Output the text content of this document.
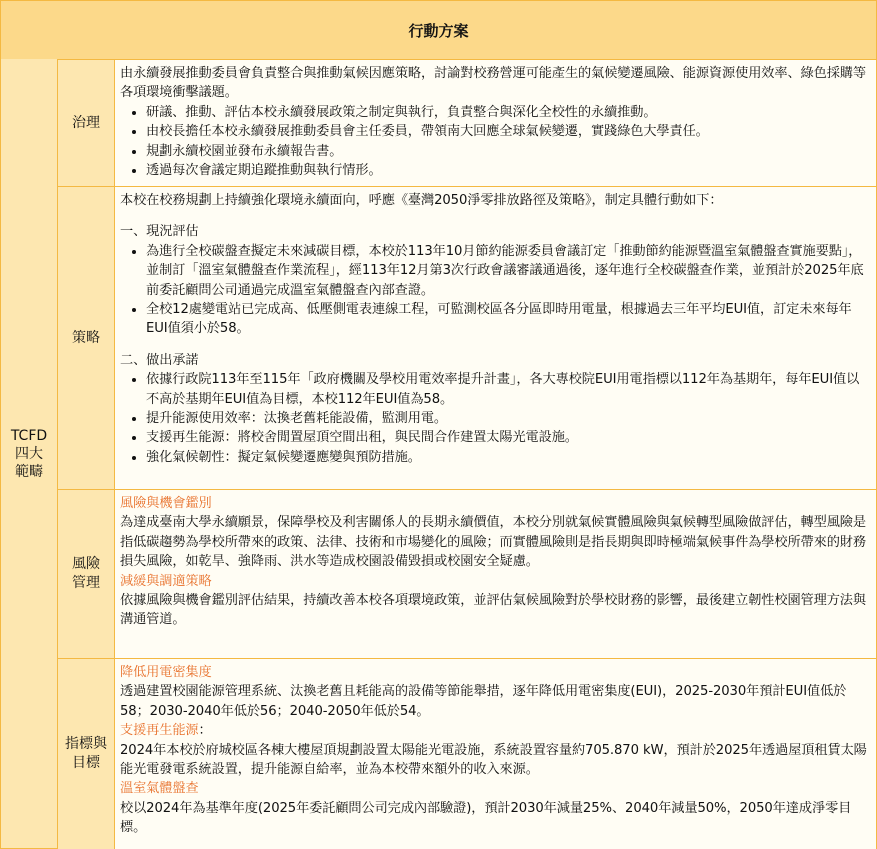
行動方案
TCFD
四大
範疇
治理

由永續發展推動委員會負責整合與推動氣候因應策略，討論對校務營運可能產生的氣候變遷風險、能源資源使用效率、綠色採購等各項環境衝擊議題。

• 研議、推動、評估本校永續發展政策之制定與執行，負責整合與深化全校性的永續推動。
• 由校長擔任本校永續發展推動委員會主任委員，帶領南大回應全球氣候變遷，實踐綠色大學責任。
• 規劃永續校園並發布永續報告書。
• 透過每次會議定期追蹤推動與執行情形。
策略

本校在校務規劃上持續強化環境永續面向，呼應《臺灣2050淨零排放路徑及策略》，制定具體行動如下：

一、現況評估

• 為進行全校碳盤查擬定未來減碳目標，本校於113年10月節約能源委員會議訂定「推動節約能源暨溫室氣體盤查實施要點」，並制訂「溫室氣體盤查作業流程」，經113年12月第3次行政會議審議通過後，逐年進行全校碳盤查作業，並預計於2025年底前委託顧問公司通過完成溫室氣體盤查內部查證。
• 全校12處變電站已完成高、低壓側電表連線工程，可監測校區各分區即時用電量，根據過去三年平均EUI值，訂定未來每年EUI值須小於58。

二、做出承諾

• 依據行政院113年至115年「政府機關及學校用電效率提升計畫」，各大專校院EUI用電指標以112年為基期年，每年EUI值以不高於基期年EUI值為目標，本校112年EUI值為58。
• 提升能源使用效率：汰換老舊耗能設備，監測用電。
• 支援再生能源：將校舍閒置屋頂空間出租，與民間合作建置太陽光電設施。
• 強化氣候韌性：擬定氣候變遷應變與預防措施。
風險
管理

風險與機會鑑別

為達成臺南大學永續願景，保障學校及利害關係人的長期永續價值，本校分別就氣候實體風險與氣候轉型風險做評估，轉型風險是指低碳趨勢為學校所帶來的政策、法律、技術和市場變化的風險；而實體風險則是指長期與即時極端氣候事件為學校所帶來的財務損失風險，如乾旱、強降雨、洪水等造成校園設備毀損或校園安全疑慮。

減緩與調適策略

依據風險與機會鑑別評估結果，持續改善本校各項環境政策，並評估氣候風險對於學校財務的影響，最後建立韌性校園管理方法與溝通管道。

指標與
目標

降低用電密集度

透過建置校園能源管理系統、汰換老舊且耗能高的設備等節能舉措，逐年降低用電密集度(EUI)，2025-2030年預計EUI值低於58；2030-2040年低於56；2040-2050年低於54。

支援再生能源：

2024年本校於府城校區各棟大樓屋頂規劃設置太陽能光電設施，系統設置容量約705.870 kW，預計於2025年透過屋頂租賃太陽能光電發電系統設置，提升能源自給率，並為本校帶來額外的收入來源。

溫室氣體盤查

校以2024年為基準年度(2025年委託顧問公司完成內部驗證)，預計2030年減量25%、2040年減量50%，2050年達成淨零目標。
